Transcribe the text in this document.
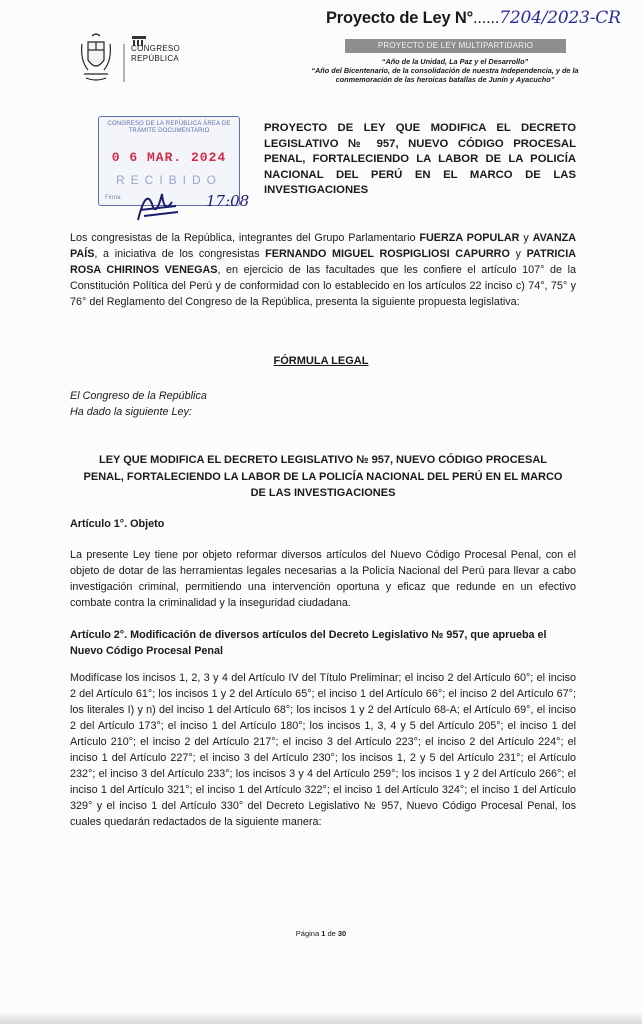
Proyecto de Ley N°......7204/2023-CR
PROYECTO DE LEY MULTIPARTIDARIO
“Año de la Unidad, La Paz y el Desarrollo”
“Año del Bicentenario, de la consolidación de nuestra Independencia, y de la conmemoración de las heroicas batallas de Junín y Ayacucho”
CONGRESO
REPÚBLICA
CONGRESO DE LA REPÚBLICA ÁREA DE TRÁMITE DOCUMENTARIO
0 6 MAR. 2024
RECIBIDO
Firma:	17:08
PROYECTO DE LEY QUE MODIFICA EL DECRETO LEGISLATIVO № 957, NUEVO CÓDIGO PROCESAL PENAL, FORTALECIENDO LA LABOR DE LA POLICÍA NACIONAL DEL PERÚ EN EL MARCO DE LAS INVESTIGACIONES
Los congresistas de la República, integrantes del Grupo Parlamentario FUERZA POPULAR y AVANZA PAÍS, a iniciativa de los congresistas FERNANDO MIGUEL ROSPIGLIOSI CAPURRO y PATRICIA ROSA CHIRINOS VENEGAS, en ejercicio de las facultades que les confiere el artículo 107° de la Constitución Política del Perú y de conformidad con lo establecido en los artículos 22 inciso c) 74°, 75° y 76° del Reglamento del Congreso de la República, presenta la siguiente propuesta legislativa:
FÓRMULA LEGAL
El Congreso de la República
Ha dado la siguiente Ley:
LEY QUE MODIFICA EL DECRETO LEGISLATIVO № 957, NUEVO CÓDIGO PROCESAL PENAL, FORTALECIENDO LA LABOR DE LA POLICÍA NACIONAL DEL PERÚ EN EL MARCO DE LAS INVESTIGACIONES
Artículo 1°. Objeto
La presente Ley tiene por objeto reformar diversos artículos del Nuevo Código Procesal Penal, con el objeto de dotar de las herramientas legales necesarias a la Policía Nacional del Perú para llevar a cabo investigación criminal, permitiendo una intervención oportuna y eficaz que redunde en un efectivo combate contra la criminalidad y la inseguridad ciudadana.
Artículo 2°. Modificación de diversos artículos del Decreto Legislativo № 957, que aprueba el Nuevo Código Procesal Penal
Modifícase los incisos 1, 2, 3 y 4 del Artículo IV del Título Preliminar; el inciso 2 del Artículo 60°; el inciso 2 del Artículo 61°; los incisos 1 y 2 del Artículo 65°; el inciso 1 del Artículo 66°; el inciso 2 del Artículo 67°; los literales I) y n) del inciso 1 del Artículo 68°; los incisos 1 y 2 del Artículo 68-A; el Artículo 69°, el inciso 2 del Artículo 173°; el inciso 1 del Artículo 180°; los incisos 1, 3, 4 y 5 del Artículo 205°; el inciso 1 del Artículo 210°; el inciso 2 del Artículo 217°; el inciso 3 del Artículo 223°; el inciso 2 del Artículo 224°; el inciso 1 del Artículo 227°; el inciso 3 del Artículo 230°; los incisos 1, 2 y 5 del Artículo 231°; el Artículo 232°; el inciso 3 del Artículo 233°; los incisos 3 y 4 del Artículo 259°; los incisos 1 y 2 del Artículo 266°; el inciso 1 del Artículo 321°; el inciso 1 del Artículo 322°; el inciso 1 del Artículo 324°; el inciso 1 del Artículo 329° y el inciso 1 del Artículo 330° del Decreto Legislativo № 957, Nuevo Código Procesal Penal, los cuales quedarán redactados de la siguiente manera:
Página 1 de 30
